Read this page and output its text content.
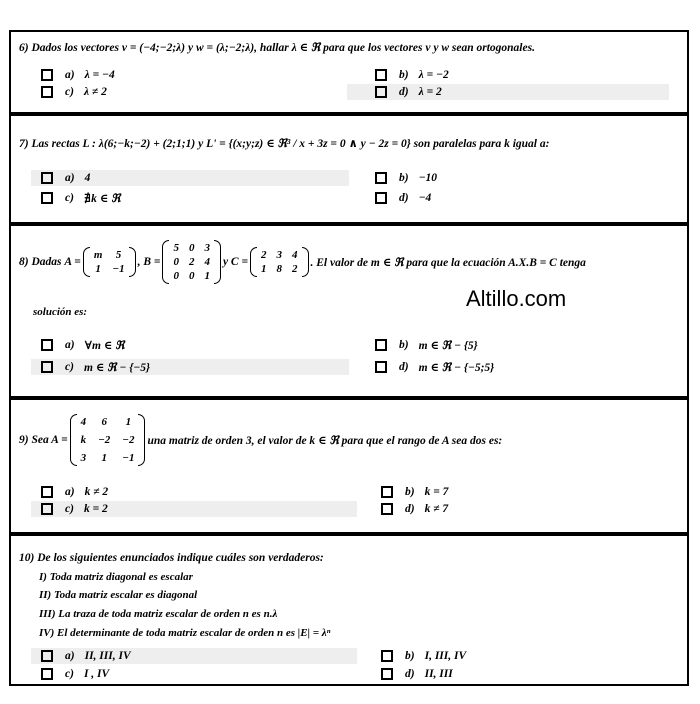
6) Dados los vectores v = (−4;−2;λ) y w = (λ;−2;λ), hallar λ ∈ ℜ para que los vectores v y w sean ortogonales.
a) λ = −4	b) λ = −2
c) λ ≠ 2	d) λ = 2
7) Las rectas L : λ(6;−k;−2) + (2;1;1) y L' = {(x;y;z) ∈ ℜ³ / x + 3z = 0 ∧ y − 2z = 0} son paralelas para k igual a:
a) 4	b) −10
c) ∄k ∈ ℜ	d) −4
8) Dadas
A =
m	5
1 −1
, B =
5 0 3
0 2 4
0 0 1
y C =
2 3 4
1 8 2 . El valor de m ∈ ℜ para que la ecuación A.X.B = C tenga
solución es:
a) ∀m ∈ ℜ	b) m ∈ ℜ − {5}
c) m ∈ ℜ − {−5}	d) m ∈ ℜ − {−5;5}
Altillo.com
9) Sea A =
4	6	1
k −2 −2
3	1	−1
una matriz de orden 3, el valor de k ∈ ℜ para que el rango de A sea dos es:
a) k ≠ 2	b) k = 7
c) k = 2	d) k ≠ 7
10) De los siguientes enunciados indique cuáles son verdaderos:
I) Toda matriz diagonal es escalar
II) Toda matriz escalar es diagonal
III) La traza de toda matriz escalar de orden n es n.λ
IV) El determinante de toda matriz escalar de orden n es |E| = λⁿ
a) II, III, IV	b) I, III, IV
c) I , IV	d) II, III
